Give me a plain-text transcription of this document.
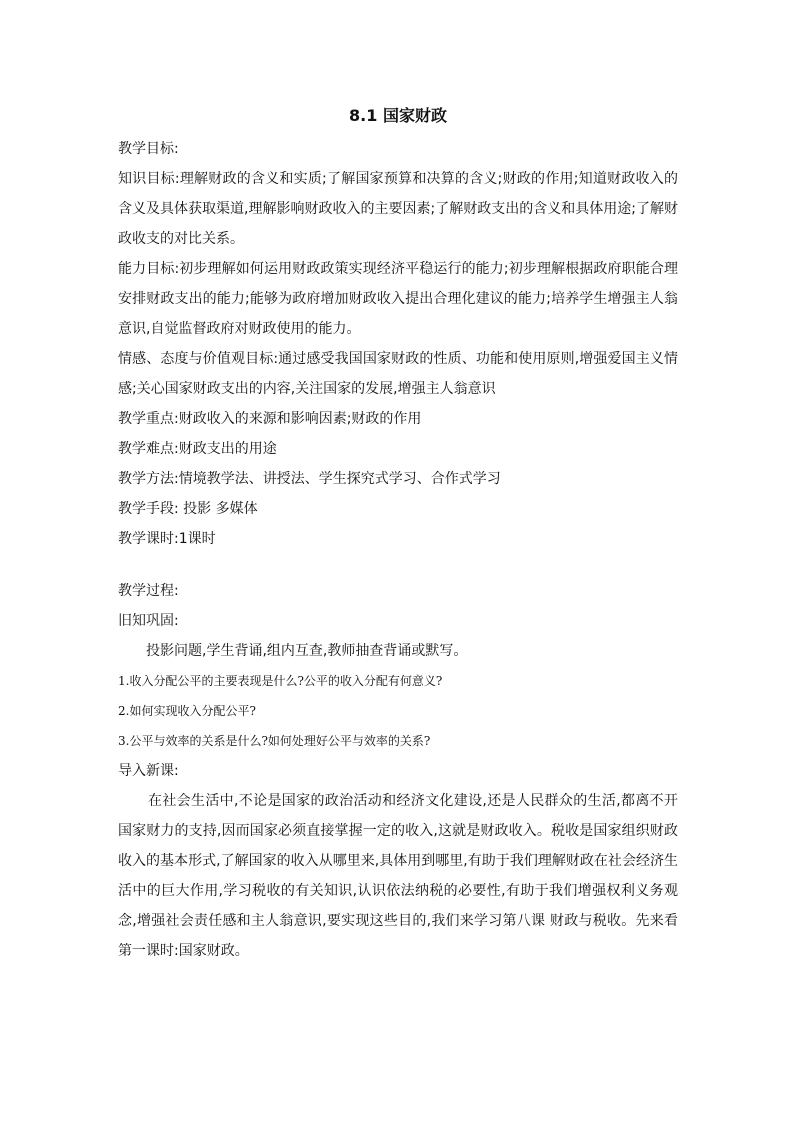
8.1 国家财政
教学目标:
知识目标:理解财政的含义和实质;了解国家预算和决算的含义;财政的作用;知道财政收入的含义及具体获取渠道,理解影响财政收入的主要因素;了解财政支出的含义和具体用途;了解财政收支的对比关系。
能力目标:初步理解如何运用财政政策实现经济平稳运行的能力;初步理解根据政府职能合理安排财政支出的能力;能够为政府增加财政收入提出合理化建议的能力;培养学生增强主人翁意识,自觉监督政府对财政使用的能力。
情感、态度与价值观目标:通过感受我国国家财政的性质、功能和使用原则,增强爱国主义情感;关心国家财政支出的内容,关注国家的发展,增强主人翁意识
教学重点:财政收入的来源和影响因素;财政的作用
教学难点:财政支出的用途
教学方法:情境教学法、讲授法、学生探究式学习、合作式学习
教学手段: 投影 多媒体
教学课时:1课时
教学过程:
旧知巩固:
投影问题,学生背诵,组内互查,教师抽查背诵或默写。
1.收入分配公平的主要表现是什么?公平的收入分配有何意义?
2.如何实现收入分配公平?
3.公平与效率的关系是什么?如何处理好公平与效率的关系?
导入新课:
在社会生活中,不论是国家的政治活动和经济文化建设,还是人民群众的生活,都离不开国家财力的支持,因而国家必须直接掌握一定的收入,这就是财政收入。税收是国家组织财政收入的基本形式,了解国家的收入从哪里来,具体用到哪里,有助于我们理解财政在社会经济生活中的巨大作用,学习税收的有关知识,认识依法纳税的必要性,有助于我们增强权利义务观念,增强社会责任感和主人翁意识,要实现这些目的,我们来学习第八课 财政与税收。先来看第一课时:国家财政。
